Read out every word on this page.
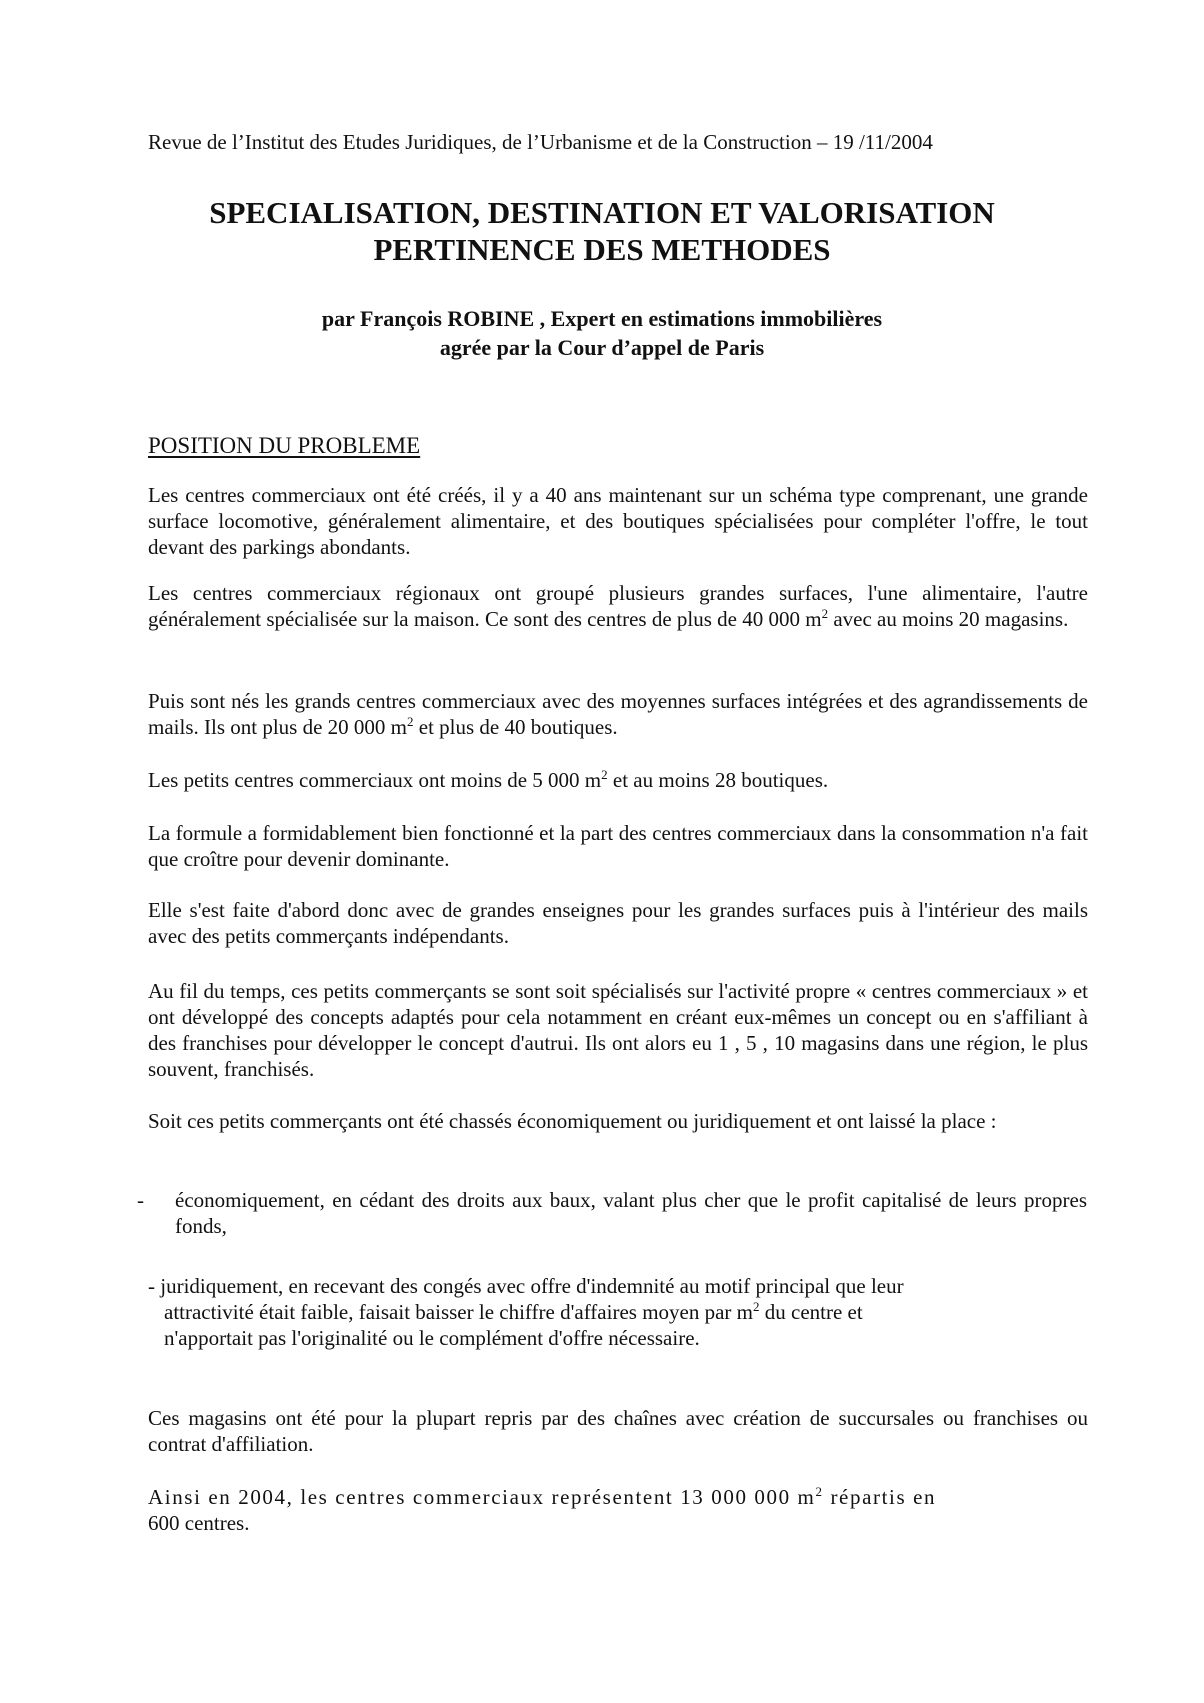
Revue de l’Institut des Etudes Juridiques, de l’Urbanisme et de la Construction – 19 /11/2004
SPECIALISATION, DESTINATION ET VALORISATION
PERTINENCE DES METHODES
par François ROBINE , Expert en estimations immobilières
agrée par la Cour d’appel de Paris
POSITION DU PROBLEME

Les centres commerciaux ont été créés, il y a 40 ans maintenant sur un schéma type comprenant, une grande surface locomotive, généralement alimentaire, et des boutiques spécialisées pour compléter l'offre, le tout devant des parkings abondants.

Les centres commerciaux régionaux ont groupé plusieurs grandes surfaces, l'une alimentaire, l'autre généralement spécialisée sur la maison. Ce sont des centres de plus de 40 000 $m^2$ avec au moins 20 magasins.

Puis sont nés les grands centres commerciaux avec des moyennes surfaces intégrées et des agrandissements de mails. Ils ont plus de 20 000 $m^2$ et plus de 40 boutiques.

Les petits centres commerciaux ont moins de 5 000 $m^2$ et au moins 28 boutiques.

La formule a formidablement bien fonctionné et la part des centres commerciaux dans la consommation n'a fait que croître pour devenir dominante.

Elle s'est faite d'abord donc avec de grandes enseignes pour les grandes surfaces puis à l'intérieur des mails avec des petits commerçants indépendants.

Au fil du temps, ces petits commerçants se sont soit spécialisés sur l'activité propre « centres commerciaux » et ont développé des concepts adaptés pour cela notamment en créant eux-mêmes un concept ou en s'affiliant à des franchises pour développer le concept d'autrui. Ils ont alors eu 1 , 5 , 10 magasins dans une région, le plus souvent, franchisés.

Soit ces petits commerçants ont été chassés économiquement ou juridiquement et ont laissé la place :

- économiquement, en cédant des droits aux baux, valant plus cher que le profit capitalisé de leurs propres fonds,
- juridiquement, en recevant des congés avec offre d'indemnité au motif principal que leur
attractivité était faible, faisait baisser le chiffre d'affaires moyen par $m^2$ du centre et
n'apportait pas l'originalité ou le complément d'offre nécessaire.

Ces magasins ont été pour la plupart repris par des chaînes avec création de succursales ou franchises ou contrat d'affiliation.

Ainsi en 2004, les centres commerciaux représentent 13 000 000 $m^2$ répartis en
600 centres.
